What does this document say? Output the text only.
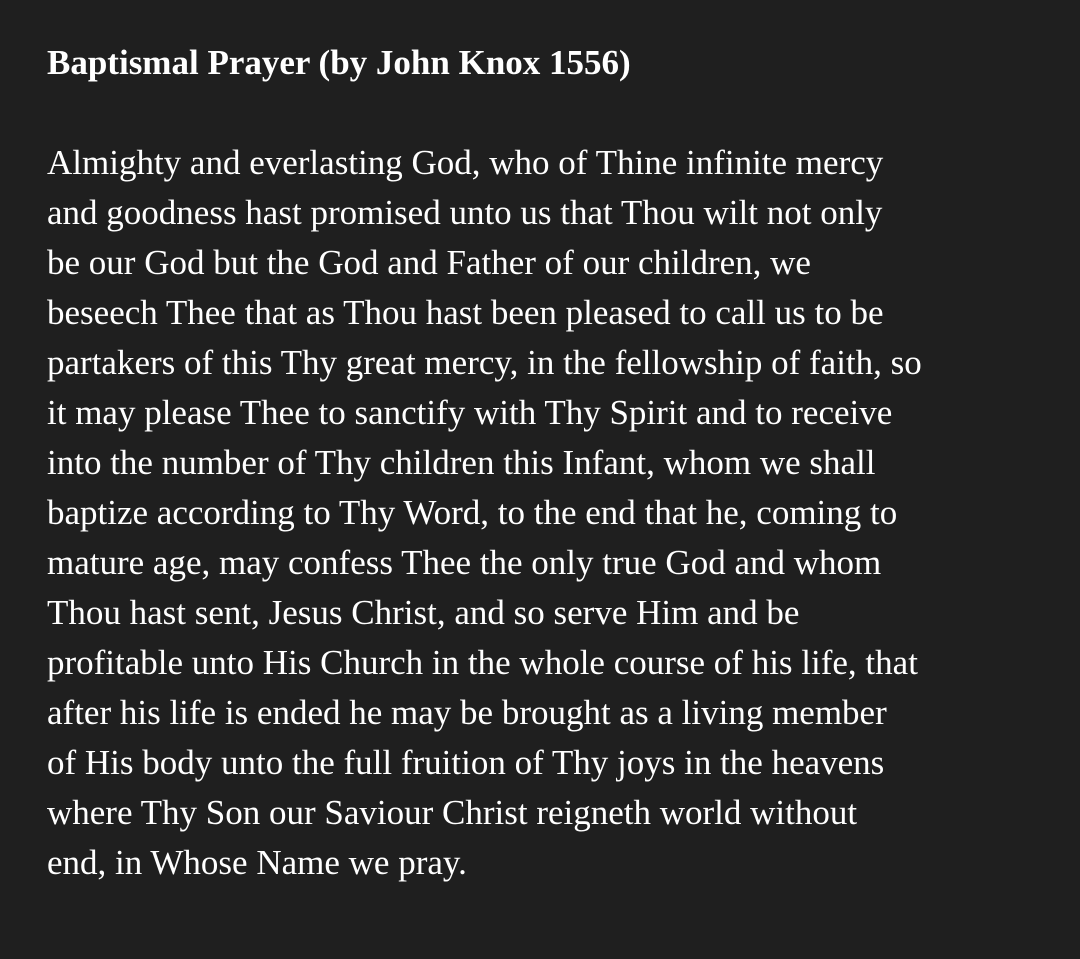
Baptismal Prayer (by John Knox 1556)

Almighty and everlasting God, who of Thine infinite mercy
and goodness hast promised unto us that Thou wilt not only
be our God but the God and Father of our children, we
beseech Thee that as Thou hast been pleased to call us to be
partakers of this Thy great mercy, in the fellowship of faith, so
it may please Thee to sanctify with Thy Spirit and to receive
into the number of Thy children this Infant, whom we shall
baptize according to Thy Word, to the end that he, coming to
mature age, may confess Thee the only true God and whom
Thou hast sent, Jesus Christ, and so serve Him and be
profitable unto His Church in the whole course of his life, that
after his life is ended he may be brought as a living member
of His body unto the full fruition of Thy joys in the heavens
where Thy Son our Saviour Christ reigneth world without
end, in Whose Name we pray.
